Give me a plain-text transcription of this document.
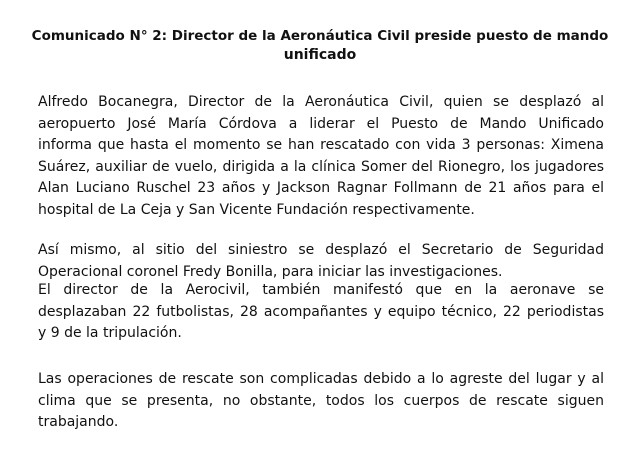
Comunicado N° 2: Director de la Aeronáutica Civil preside puesto de mando
unificado

Alfredo Bocanegra, Director de la Aeronáutica Civil, quien se desplazó al
aeropuerto José María Córdova a liderar el Puesto de Mando Unificado
informa que hasta el momento se han rescatado con vida 3 personas: Ximena
Suárez, auxiliar de vuelo, dirigida a la clínica Somer del Rionegro, los jugadores
Alan Luciano Ruschel 23 años y Jackson Ragnar Follmann de 21 años para el
hospital de La Ceja y San Vicente Fundación respectivamente.

Así mismo, al sitio del siniestro se desplazó el Secretario de Seguridad
Operacional coronel Fredy Bonilla, para iniciar las investigaciones.

El director de la Aerocivil, también manifestó que en la aeronave se
desplazaban 22 futbolistas, 28 acompañantes y equipo técnico, 22 periodistas
y 9 de la tripulación.

Las operaciones de rescate son complicadas debido a lo agreste del lugar y al
clima que se presenta, no obstante, todos los cuerpos de rescate siguen
trabajando.
